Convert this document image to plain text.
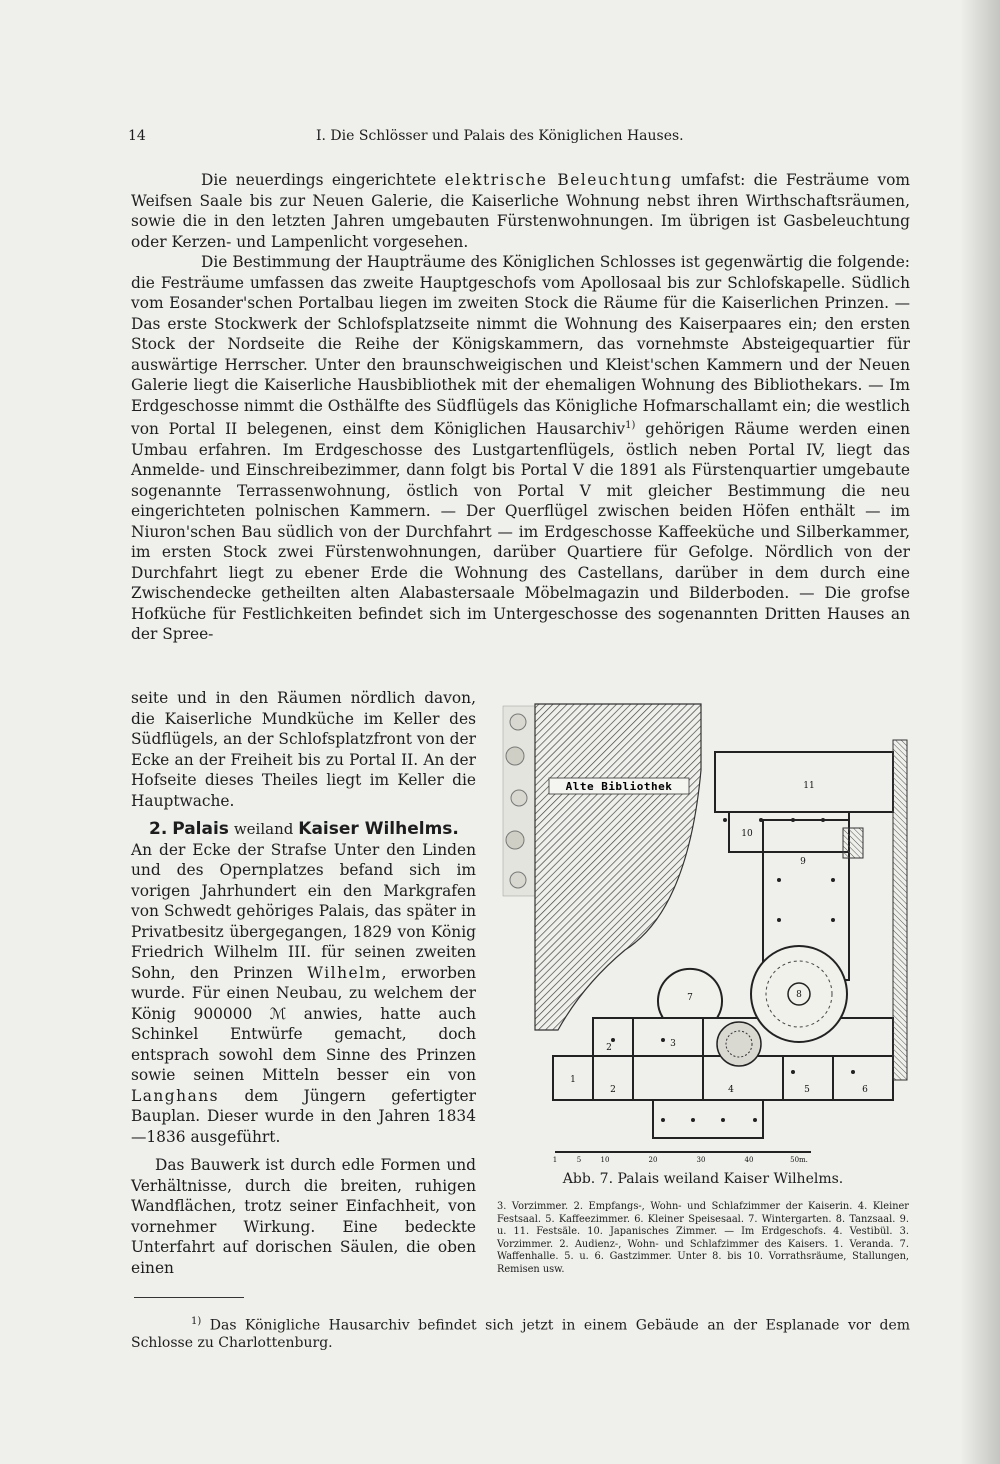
14	I. Die Schlösser und Palais des Königlichen Hauses.

Die neuerdings eingerichtete elektrische Beleuchtung umfafst: die Festräume vom Weifsen Saale bis zur Neuen Galerie, die Kaiserliche Wohnung nebst ihren Wirthschaftsräumen, sowie die in den letzten Jahren umgebauten Fürstenwohnungen. Im übrigen ist Gasbeleuchtung oder Kerzen- und Lampenlicht vorgesehen.

Die Bestimmung der Haupträume des Königlichen Schlosses ist gegenwärtig die folgende: die Festräume umfassen das zweite Hauptgeschofs vom Apollosaal bis zur Schlofskapelle. Südlich vom Eosander'schen Portalbau liegen im zweiten Stock die Räume für die Kaiserlichen Prinzen. — Das erste Stockwerk der Schlofsplatzseite nimmt die Wohnung des Kaiserpaares ein; den ersten Stock der Nordseite die Reihe der Königskammern, das vornehmste Absteigequartier für auswärtige Herrscher. Unter den braunschweigischen und Kleist'schen Kammern und der Neuen Galerie liegt die Kaiserliche Hausbibliothek mit der ehemaligen Wohnung des Bibliothekars. — Im Erdgeschosse nimmt die Osthälfte des Südflügels das Königliche Hofmarschallamt ein; die westlich von Portal II belegenen, einst dem Königlichen Hausarchiv$^{1)}$ gehörigen Räume werden einen Umbau erfahren. Im Erdgeschosse des Lustgartenflügels, östlich neben Portal IV, liegt das Anmelde- und Einschreibezimmer, dann folgt bis Portal V die 1891 als Fürstenquartier umgebaute sogenannte Terrassenwohnung, östlich von Portal V mit gleicher Bestimmung die neu eingerichteten polnischen Kammern. — Der Querflügel zwischen beiden Höfen enthält — im Niuron'schen Bau südlich von der Durchfahrt — im Erdgeschosse Kaffeeküche und Silberkammer, im ersten Stock zwei Fürstenwohnungen, darüber Quartiere für Gefolge. Nördlich von der Durchfahrt liegt zu ebener Erde die Wohnung des Castellans, darüber in dem durch eine Zwischendecke getheilten alten Alabastersaale Möbelmagazin und Bilderboden. — Die grofse Hofküche für Festlichkeiten befindet sich im Untergeschosse des sogenannten Dritten Hauses an der Spree-

seite und in den Räumen nördlich davon, die Kaiserliche Mundküche im Keller des Südflügels, an der Schlofsplatzfront von der Ecke an der Freiheit bis zu Portal II. An der Hofseite dieses Theiles liegt im Keller die Hauptwache.

2. Palais weiland Kaiser Wilhelms.

An der Ecke der Strafse Unter den Linden und des Opernplatzes befand sich im vorigen Jahrhundert ein den Markgrafen von Schwedt gehöriges Palais, das später in Privatbesitz übergegangen, 1829 von König Friedrich Wilhelm III. für seinen zweiten Sohn, den Prinzen Wilhelm, erworben wurde. Für einen Neubau, zu welchem der König 900000 ℳ anwies, hatte auch Schinkel Entwürfe gemacht, doch entsprach sowohl dem Sinne des Prinzen sowie seinen Mitteln besser ein von Langhans dem Jüngern gefertigter Bauplan. Dieser wurde in den Jahren 1834—1836 ausgeführt.

Das Bauwerk ist durch edle Formen und Verhältnisse, durch die breiten, ruhigen Wandflächen, trotz seiner Einfachheit, von vornehmer Wirkung. Eine bedeckte Unterfahrt auf dorischen Säulen, die oben einen

Alte Bibliothek
1
2
2
3
4	5	6
7	8
9
10
11
1	5	10	20	30	40	50m.
Abb. 7. Palais weiland Kaiser Wilhelms.
3. Vorzimmer. 2. Empfangs-, Wohn- und Schlafzimmer der Kaiserin. 4. Kleiner Festsaal. 5. Kaffeezimmer. 6. Kleiner Speisesaal. 7. Wintergarten. 8. Tanzsaal. 9. u. 11. Festsäle. 10. Japanisches Zimmer. — Im Erdgeschofs. 4. Vestibül. 3. Vorzimmer. 2. Audienz-, Wohn- und Schlafzimmer des Kaisers. 1. Veranda. 7. Waffenhalle. 5. u. 6. Gastzimmer. Unter 8. bis 10. Vorrathsräume, Stallungen, Remisen usw.
$^{1)}$ Das Königliche Hausarchiv befindet sich jetzt in einem Gebäude an der Esplanade vor dem Schlosse zu Charlottenburg.
